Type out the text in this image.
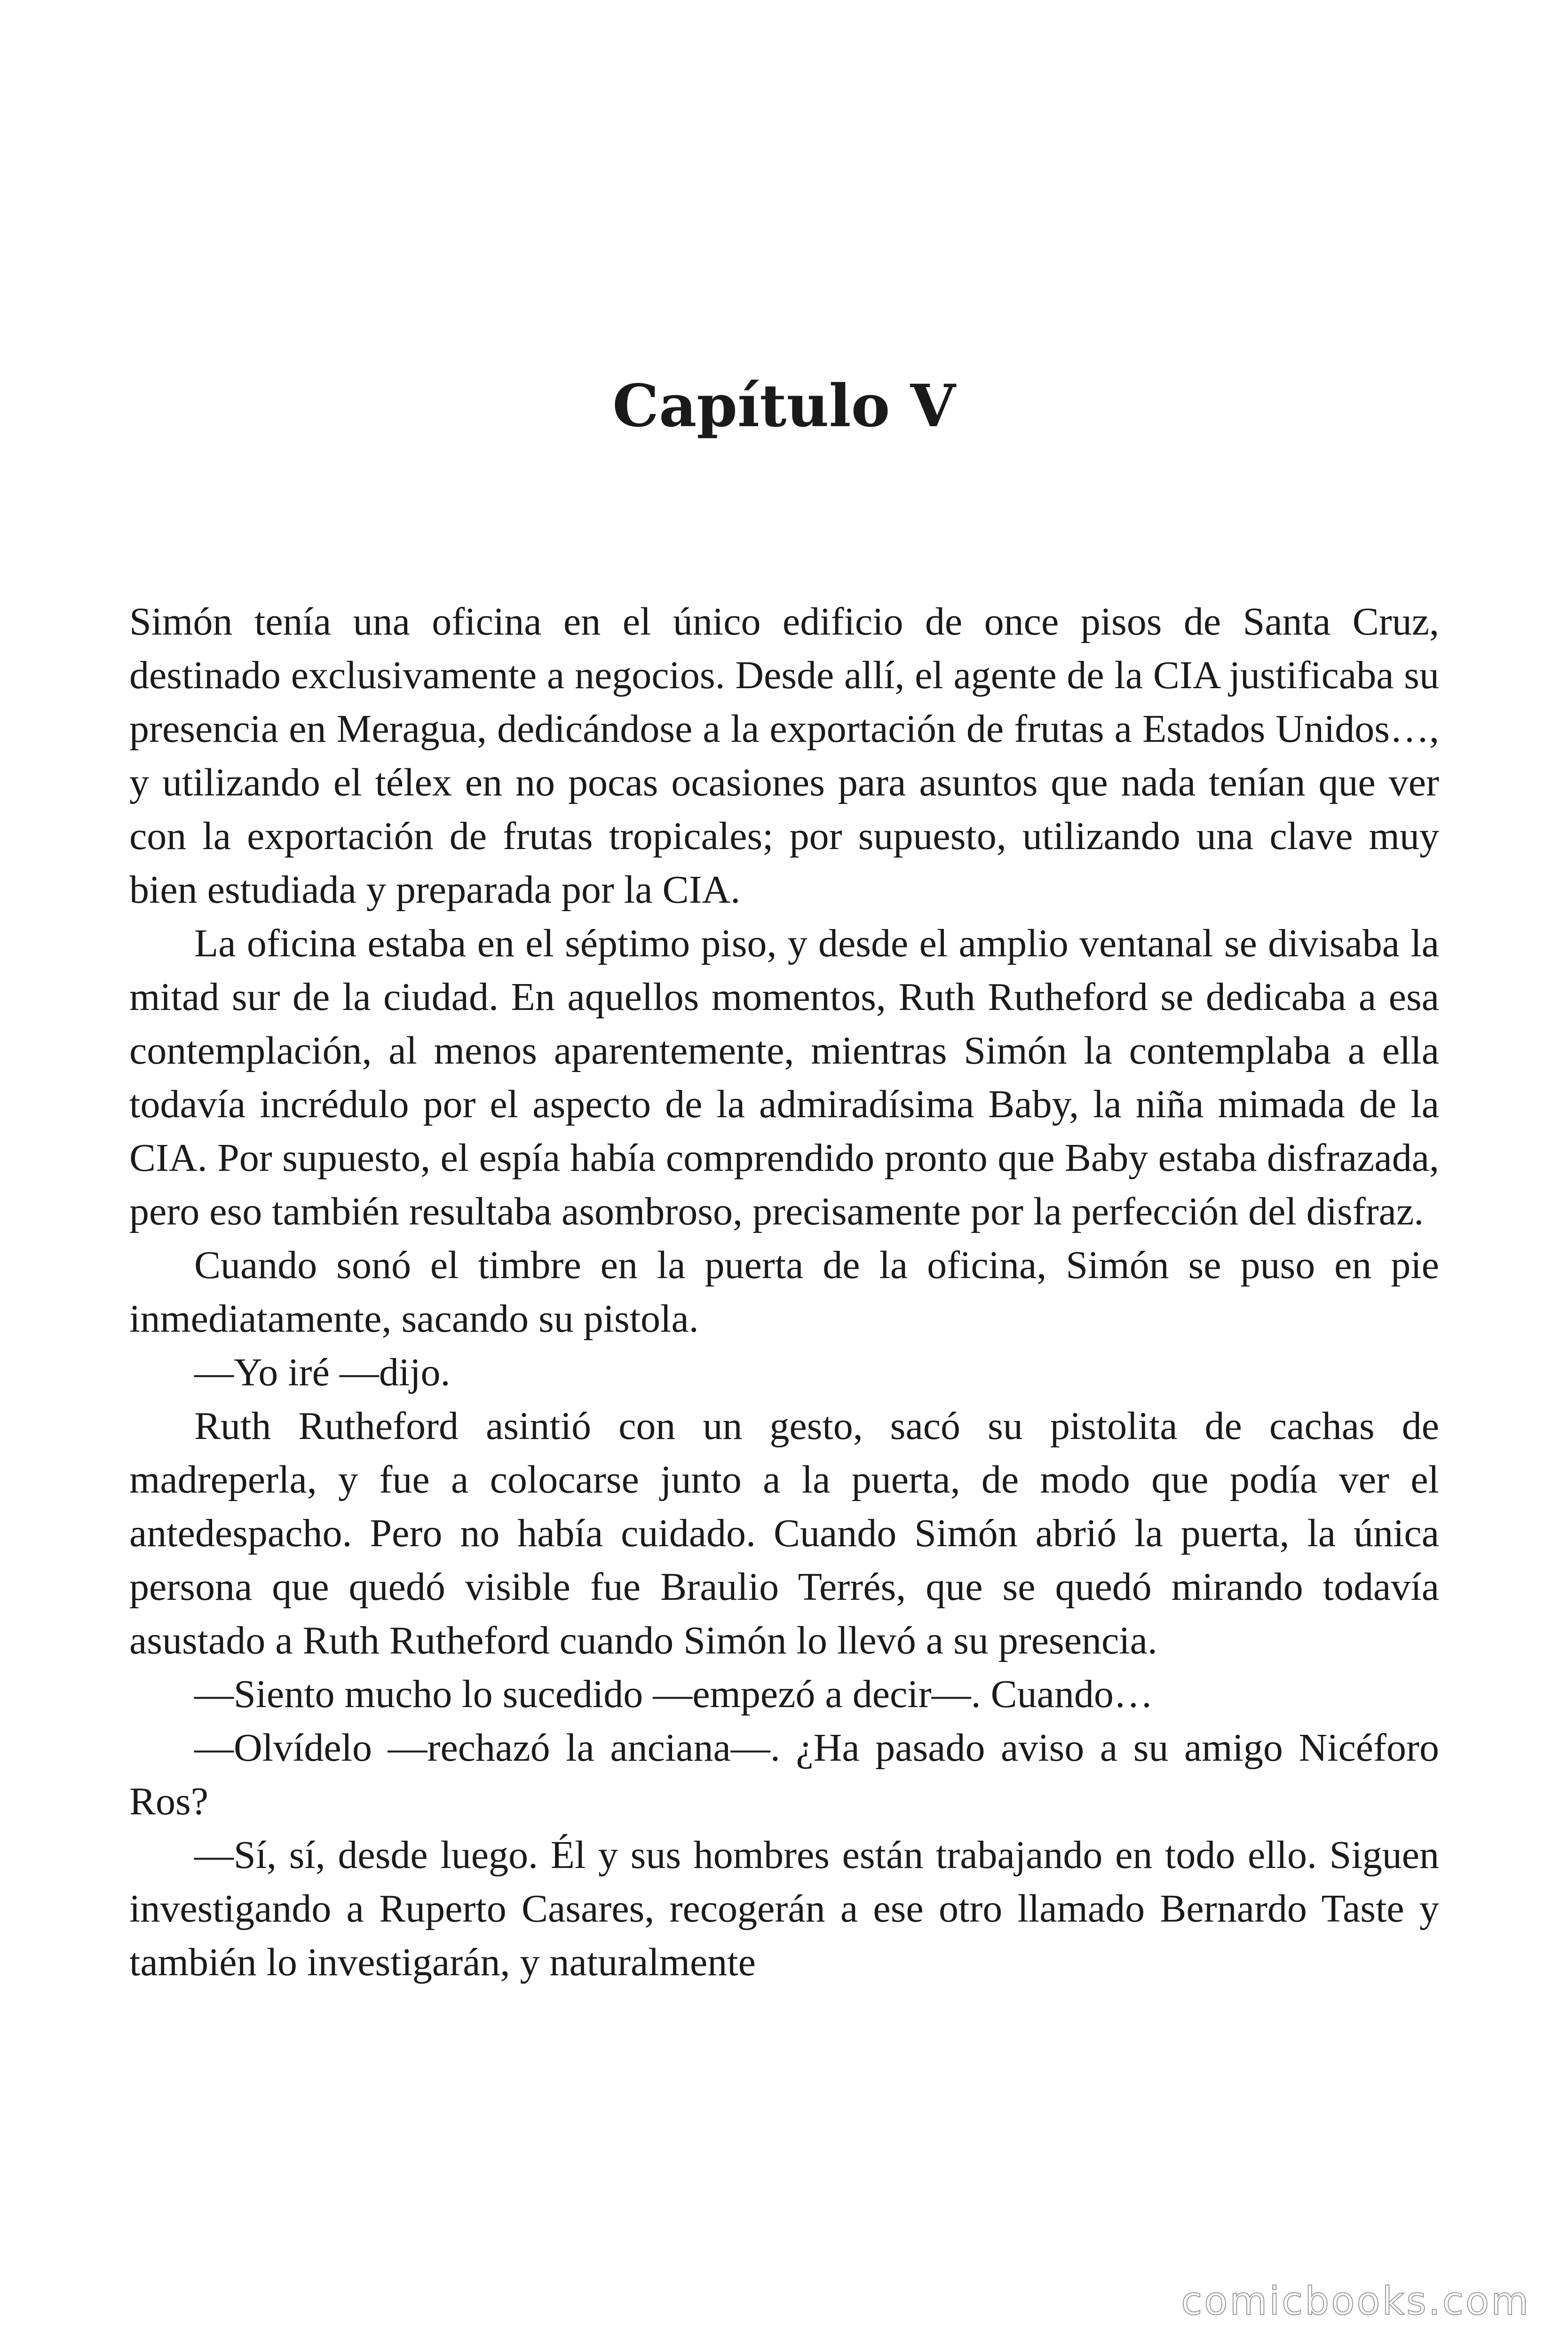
Capítulo V

Simón tenía una oficina en el único edificio de once pisos de Santa Cruz, destinado exclusivamente a negocios. Desde allí, el agente de la CIA justificaba su presencia en Meragua, dedicándose a la exportación de frutas a Estados Unidos…, y utilizando el télex en no pocas ocasiones para asuntos que nada tenían que ver con la exportación de frutas tropicales; por supuesto, utilizando una clave muy bien estudiada y preparada por la CIA.

La oficina estaba en el séptimo piso, y desde el amplio ventanal se divisaba la mitad sur de la ciudad. En aquellos momentos, Ruth Rutheford se dedicaba a esa contemplación, al menos aparentemente, mientras Simón la contemplaba a ella todavía incrédulo por el aspecto de la admiradísima Baby, la niña mimada de la CIA. Por supuesto, el espía había comprendido pronto que Baby estaba disfrazada, pero eso también resultaba asombroso, precisamente por la perfección del disfraz.

Cuando sonó el timbre en la puerta de la oficina, Simón se puso en pie inmediatamente, sacando su pistola.

—Yo iré —dijo.

Ruth Rutheford asintió con un gesto, sacó su pistolita de cachas de madreperla, y fue a colocarse junto a la puerta, de modo que podía ver el antedespacho. Pero no había cuidado. Cuando Simón abrió la puerta, la única persona que quedó visible fue Braulio Terrés, que se quedó mirando todavía asustado a Ruth Rutheford cuando Simón lo llevó a su presencia.

—Siento mucho lo sucedido —empezó a decir—. Cuando…

—Olvídelo —rechazó la anciana—. ¿Ha pasado aviso a su amigo Nicéforo Ros?

—Sí, sí, desde luego. Él y sus hombres están trabajando en todo ello. Siguen investigando a Ruperto Casares, recogerán a ese otro llamado Bernardo Taste y también lo investigarán, y naturalmente

comicbooks.com
